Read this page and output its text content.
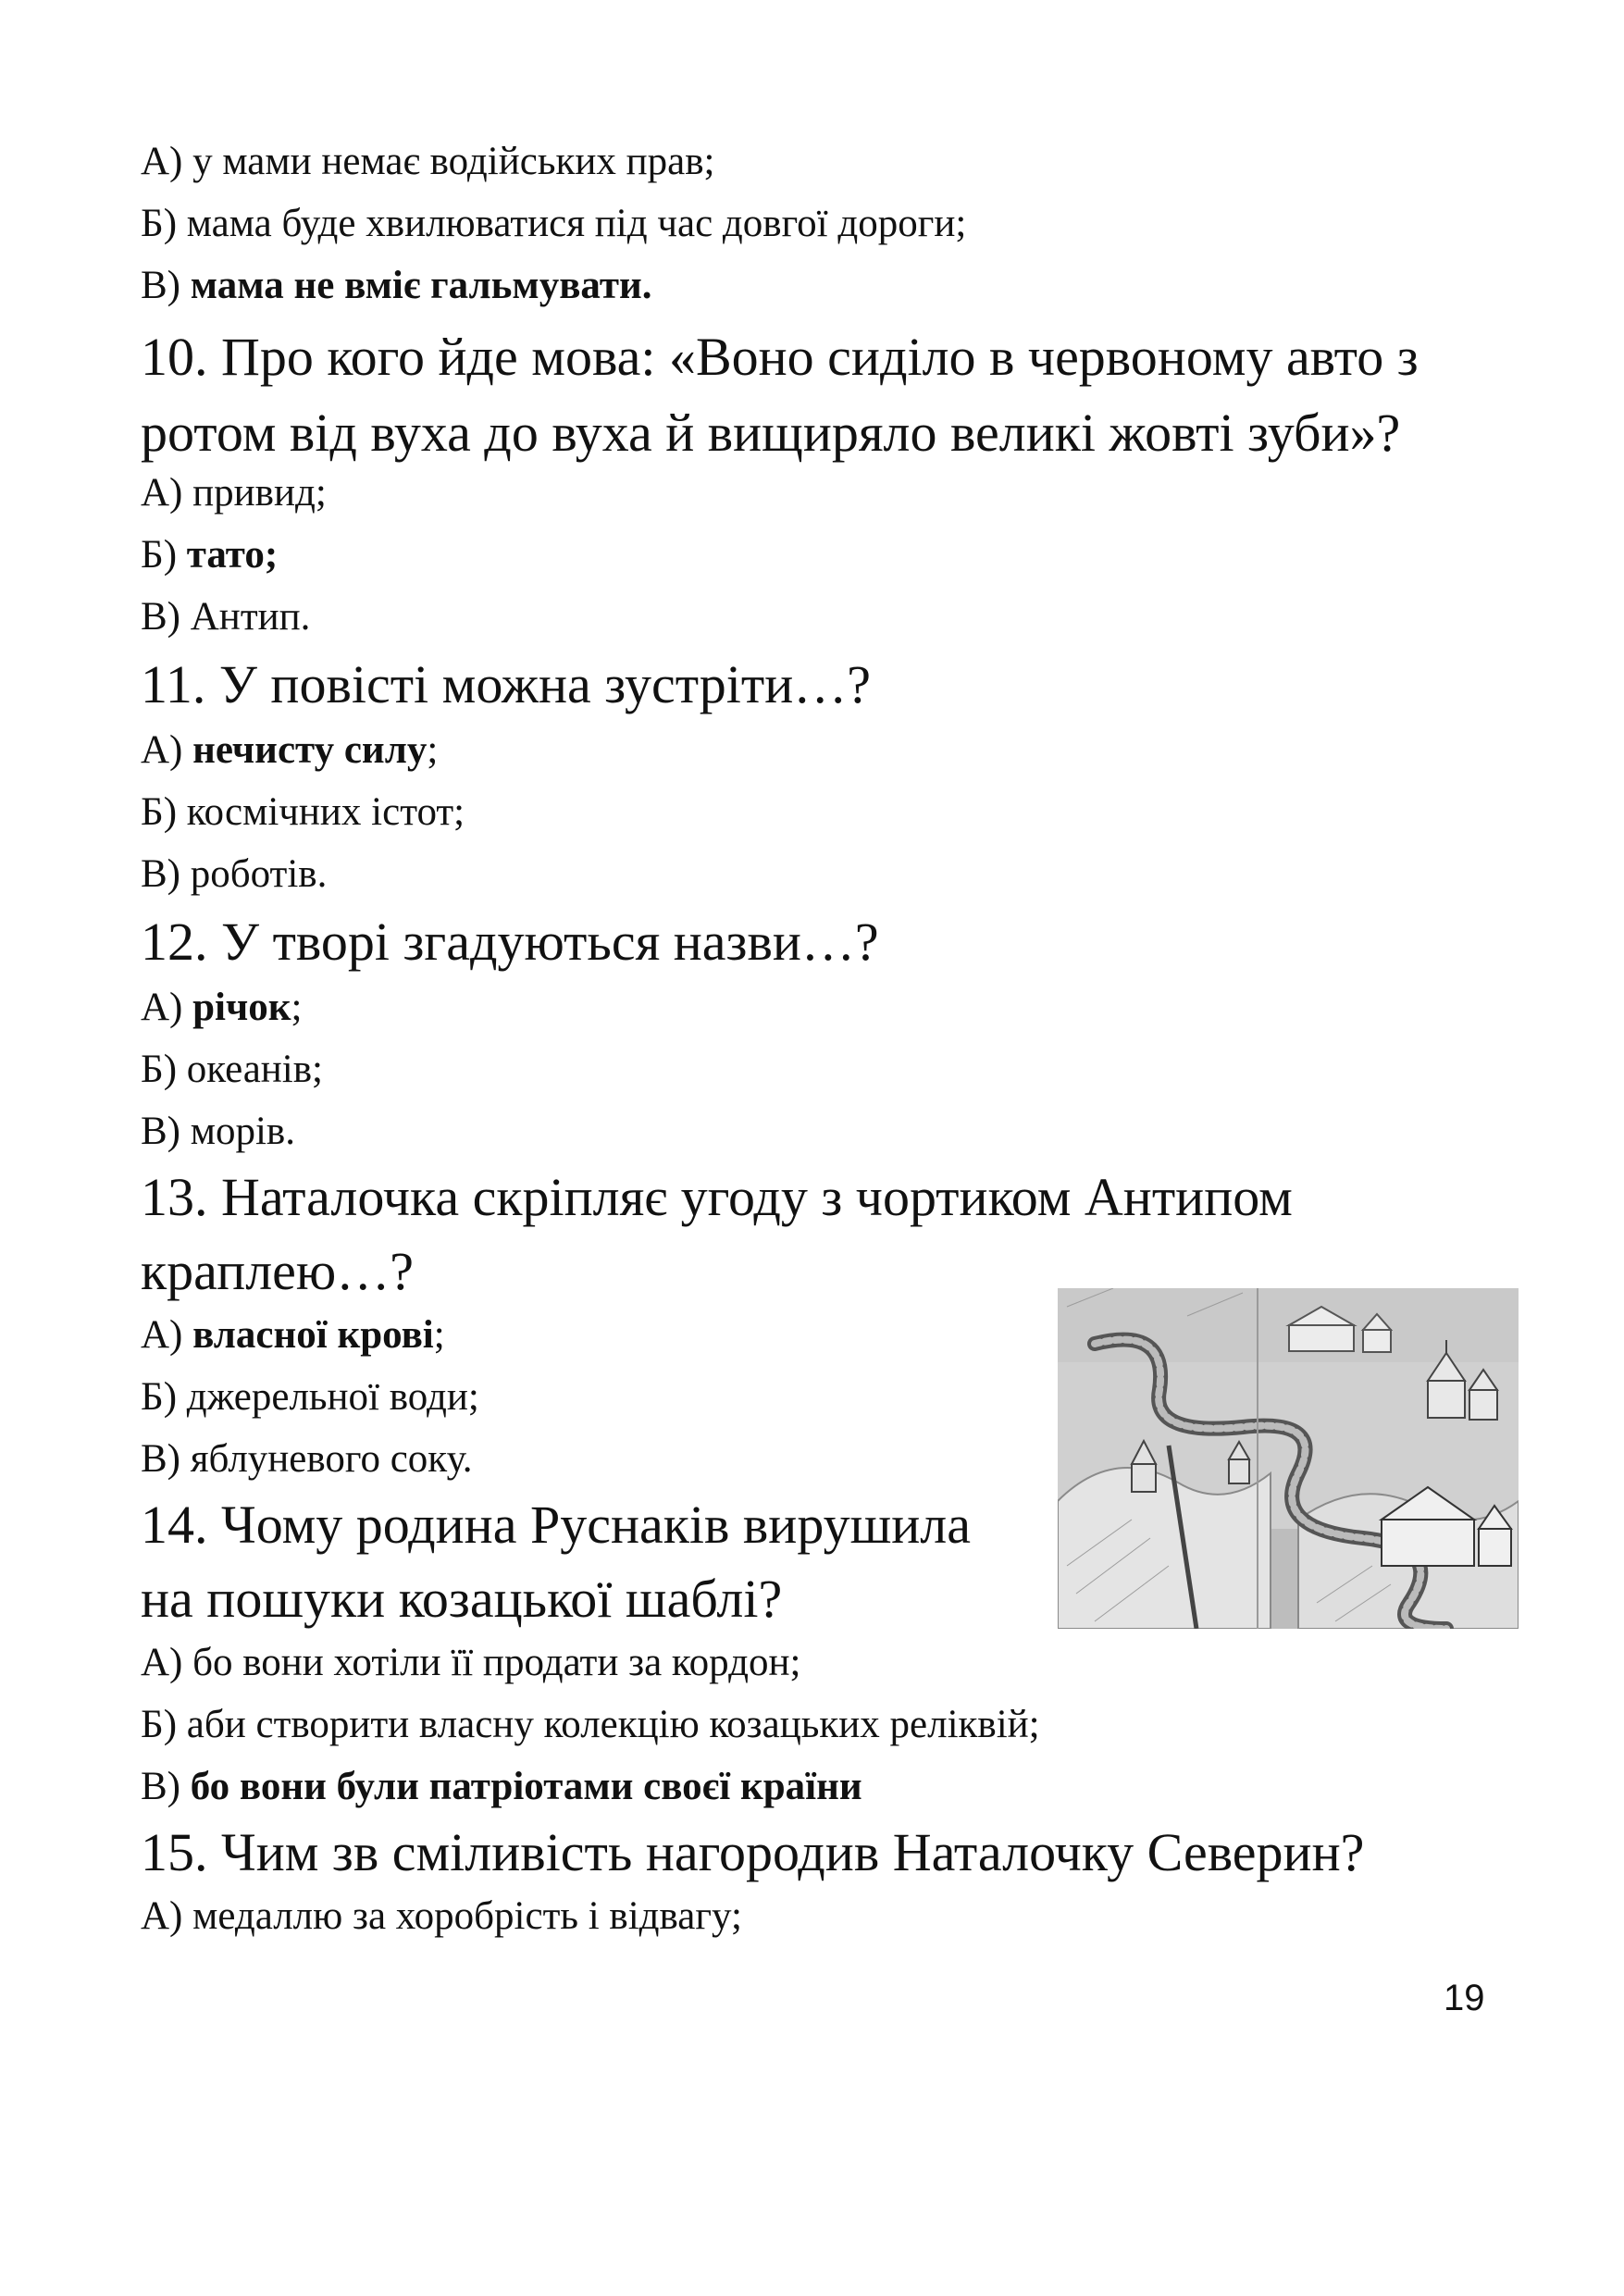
А) у мами немає водійських прав;
Б) мама буде хвилюватися під час довгої дороги;
В) мама не вміє гальмувати.
10. Про кого йде мова: «Воно сиділо в червоному авто з
ротом від вуха до вуха й вищиряло великі жовті зуби»?
А) привид;
Б) тато;
В) Антип.
11. У повісті можна зустріти…?
А) нечисту силу;
Б) космічних істот;
В) роботів.
12. У творі згадуються назви…?
А) річок;
Б) океанів;
В) морів.
13. Наталочка скріпляє угоду з чортиком Антипом
краплею…?
А) власної крові;
Б) джерельної води;
В) яблуневого соку.
14. Чому родина Руснаків вирушила
на пошуки козацької шаблі?
А) бо вони хотіли її продати за кордон;
Б) аби створити власну колекцію козацьких реліквій;
В) бо вони були патріотами своєї країни
15. Чим зв сміливість нагородив Наталочку Северин?
А) медаллю за хоробрість і відвагу;
19
